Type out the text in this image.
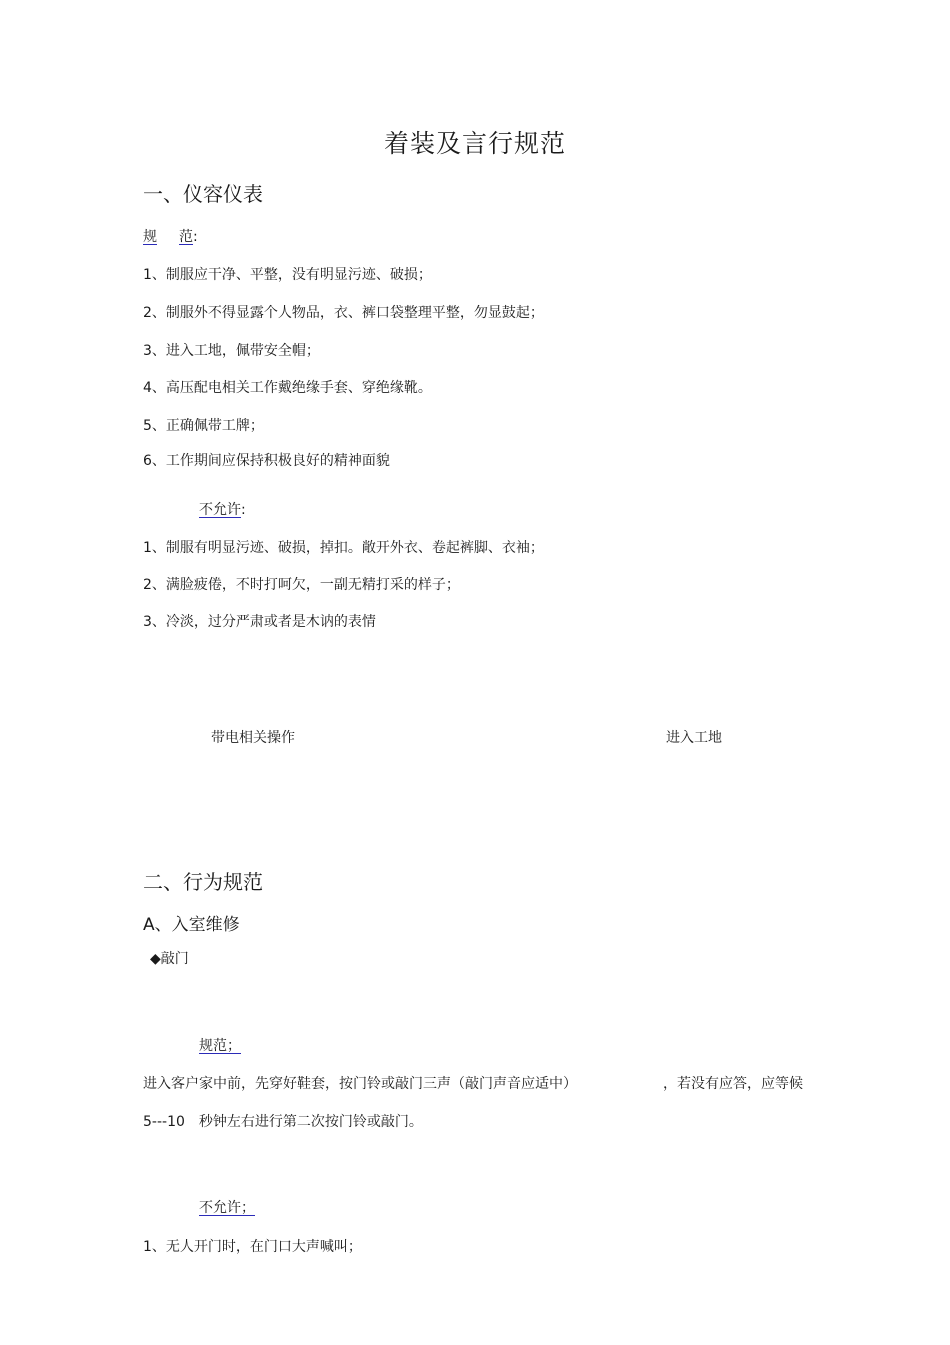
着装及言行规范
一、仪容仪表
规 范:
1、制服应干净、平整，没有明显污迹、破损；
2、制服外不得显露个人物品，衣、裤口袋整理平整，勿显鼓起；
3、进入工地，佩带安全帽；
4、高压配电相关工作戴绝缘手套、穿绝缘靴。
5、正确佩带工牌；
6、工作期间应保持积极良好的精神面貌
不允许:
1、制服有明显污迹、破损，掉扣。敞开外衣、卷起裤脚、衣袖；
2、满脸疲倦，不时打呵欠，一副无精打采的样子；
3、冷淡，过分严肃或者是木讷的表情
带电相关操作	进入工地
二、行为规范
A、入室维修
◆敲门
规范；
进入客户家中前，先穿好鞋套，按门铃或敲门三声（敲门声音应适中）	，若没有应答，应等候
5---10 秒钟左右进行第二次按门铃或敲门。
不允许；
1、无人开门时，在门口大声喊叫；
